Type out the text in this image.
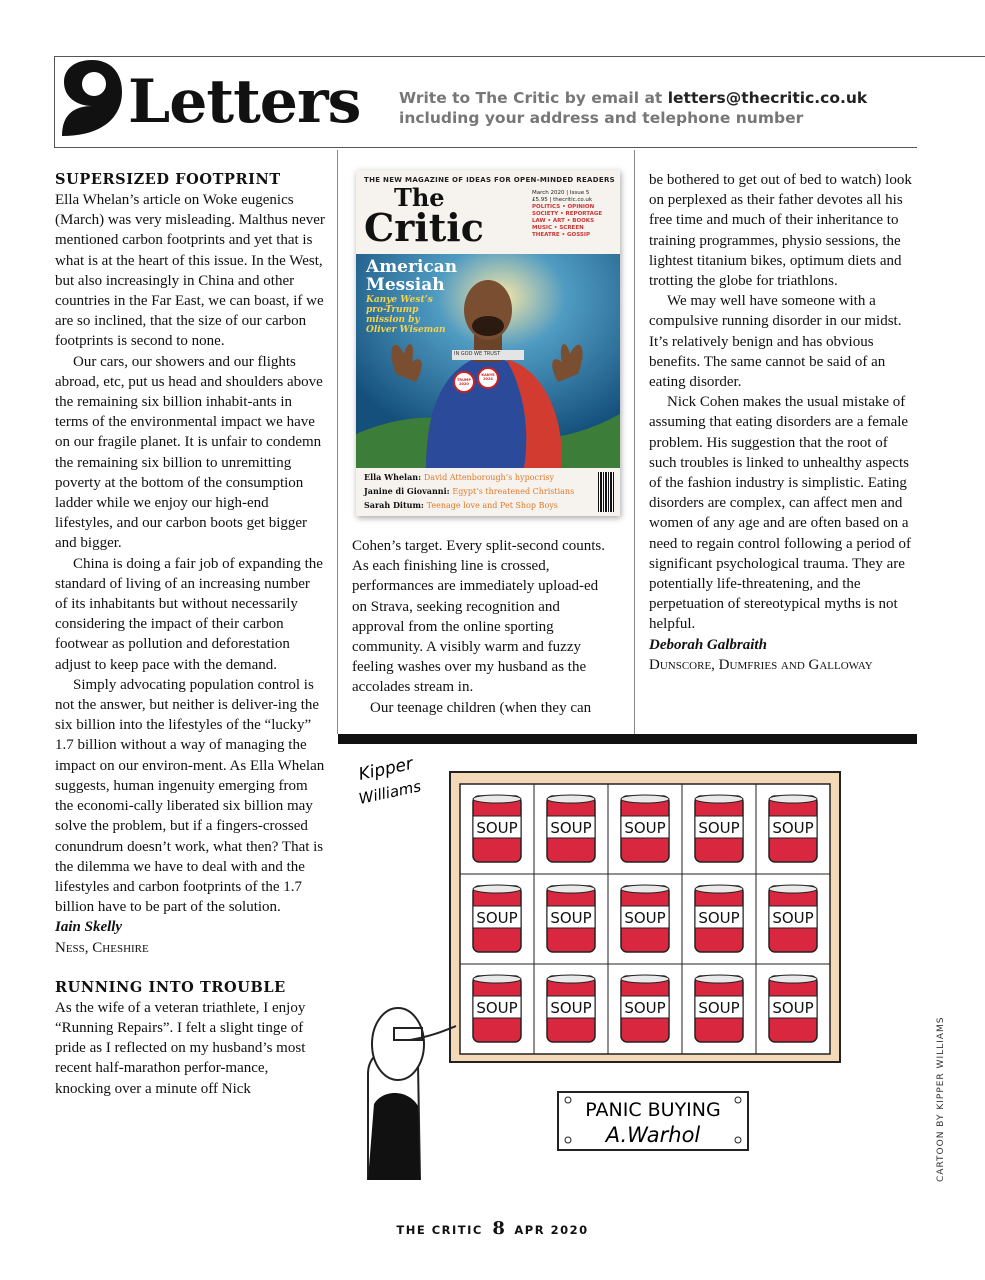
Letters Write to The Critic by email at letters@thecritic.co.uk
including your address and telephone number
SUPERSIZED FOOTPRINT

Ella Whelan’s article on Woke eugenics (March) was very misleading. Malthus never mentioned carbon footprints and yet that is what is at the heart of this issue. In the West, but also increasingly in China and other countries in the Far East, we can boast, if we are so inclined, that the size of our carbon footprints is second to none.

Our cars, our showers and our flights abroad, etc, put us head and shoulders above the remaining six billion inhabit-ants in terms of the environmental impact we have on our fragile planet. It is unfair to condemn the remaining six billion to unremitting poverty at the bottom of the consumption ladder while we enjoy our high-end lifestyles, and our carbon boots get bigger and bigger.

China is doing a fair job of expanding the standard of living of an increasing number of its inhabitants but without necessarily considering the impact of their carbon footwear as pollution and deforestation adjust to keep pace with the demand.

Simply advocating population control is not the answer, but neither is deliver-ing the six billion into the lifestyles of the “lucky” 1.7 billion without a way of managing the impact on our environ-ment. As Ella Whelan suggests, human ingenuity emerging from the economi-cally liberated six billion may solve the problem, but if a fingers-crossed conundrum doesn’t work, what then? That is the dilemma we have to deal with and the lifestyles and carbon footprints of the 1.7 billion have to be part of the solution.

Iain Skelly
Ness, Cheshire
RUNNING INTO TROUBLE

As the wife of a veteran triathlete, I enjoy “Running Repairs”. I felt a slight tinge of pride as I reflected on my husband’s most recent half-marathon perfor-mance, knocking over a minute off Nick

THE NEW MAGAZINE OF IDEAS FOR OPEN-MINDED READERS
The
Critic
March 2020 | Issue 5
£5.95 | thecritic.co.uk
POLITICS • OPINION
SOCIETY • REPORTAGE
LAW • ART • BOOKS
MUSIC • SCREEN
THEATRE • GOSSIP
American
Messiah
Kanye West’s pro-Trump mission by Oliver Wiseman
IN GOD WE TRUST
TRUMP 2020
KANYE 2024
Ella Whelan: David Attenborough’s hypocrisy
Janine di Giovanni: Egypt’s threatened Christians
Sarah Ditum: Teenage love and Pet Shop Boys

Cohen’s target. Every split-second counts. As each finishing line is crossed, performances are immediately upload-ed on Strava, seeking recognition and approval from the online sporting community. A visibly warm and fuzzy feeling washes over my husband as the accolades stream in.

Our teenage children (when they can

be bothered to get out of bed to watch) look on perplexed as their father devotes all his free time and much of their inheritance to training programmes, physio sessions, the lightest titanium bikes, optimum diets and trotting the globe for triathlons.

We may well have someone with a compulsive running disorder in our midst. It’s relatively benign and has obvious benefits. The same cannot be said of an eating disorder.

Nick Cohen makes the usual mistake of assuming that eating disorders are a female problem. His suggestion that the root of such troubles is linked to unhealthy aspects of the fashion industry is simplistic. Eating disorders are complex, can affect men and women of any age and are often based on a need to regain control following a period of significant psychological trauma. They are potentially life-threatening, and the perpetuation of stereotypical myths is not helpful.

Deborah Galbraith
Dunscore, Dumfries and Galloway
Kipper
Williams
SOUP SOUP SOUP SOUP SOUP
SOUP SOUP SOUP SOUP SOUP
SOUP SOUP SOUP SOUP SOUP
PANIC BUYING
A.Warhol	CARTOON BY KIPPER WILLIAMS
THE CRITIC 8 APR 2020
